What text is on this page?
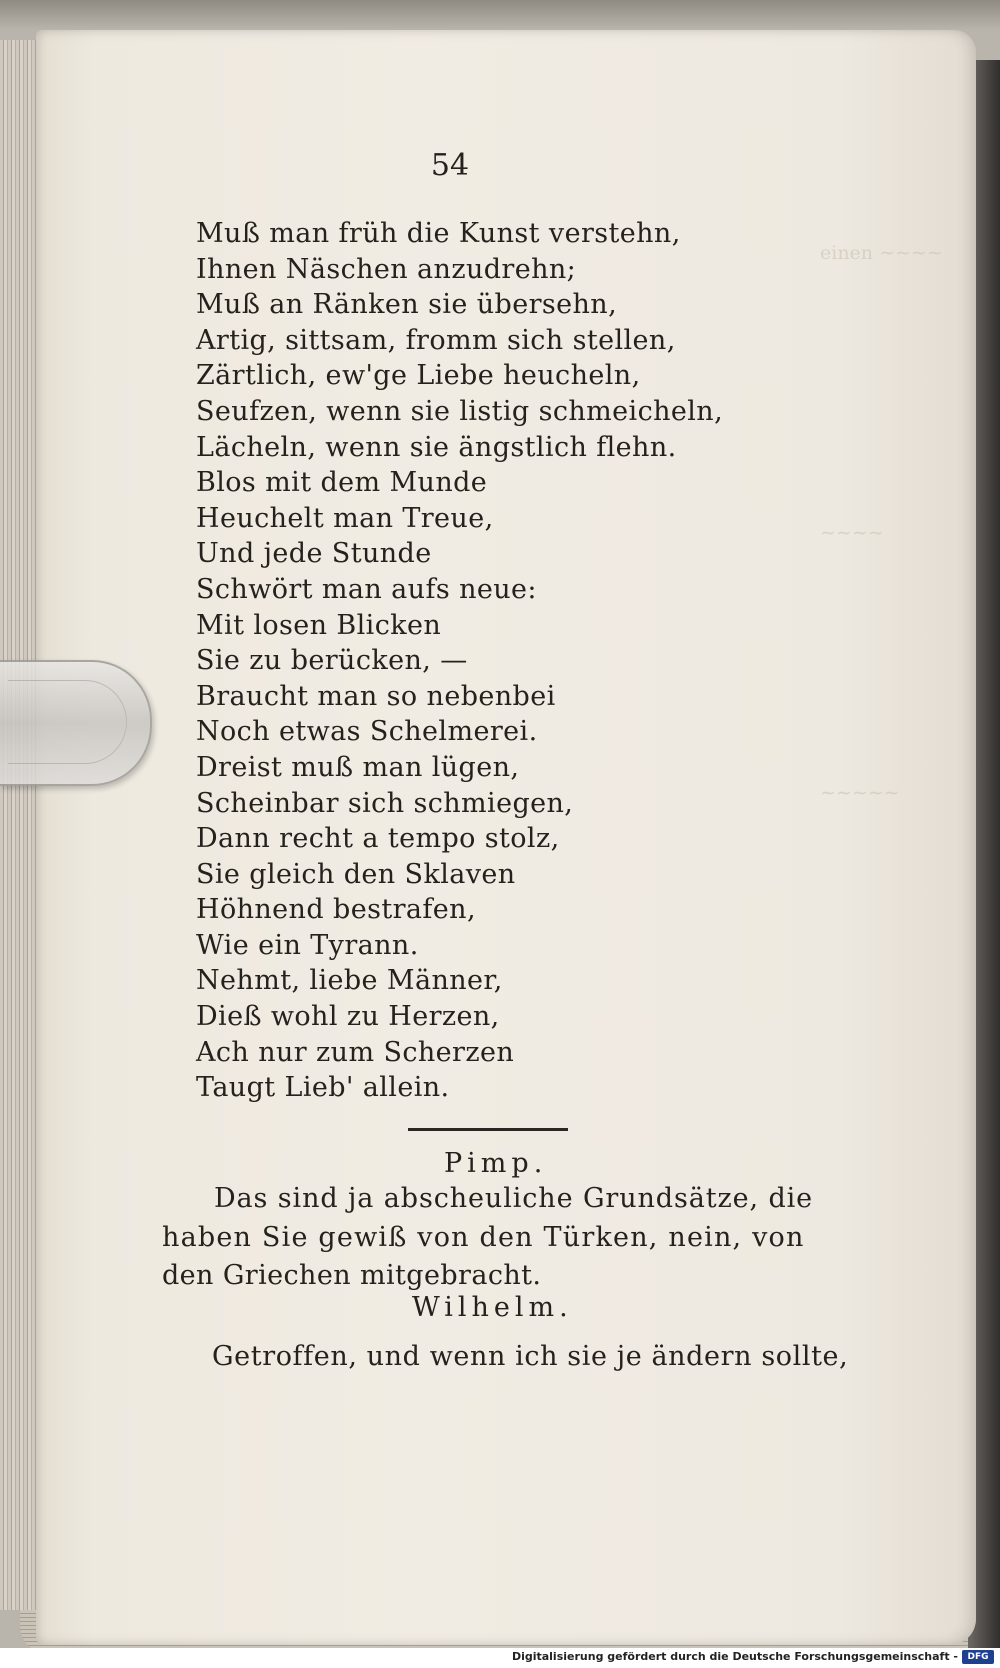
einen ∼∼∼∼
∼∼∼∼
∼∼∼∼∼
54
Muß man früh die Kunst verstehn,
Ihnen Näschen anzudrehn;
Muß an Ränken sie übersehn,
Artig, sittsam, fromm sich stellen,
Zärtlich, ew'ge Liebe heucheln,
Seufzen, wenn sie listig schmeicheln,
Lächeln, wenn sie ängstlich flehn.
Blos mit dem Munde
Heuchelt man Treue,
Und jede Stunde
Schwört man aufs neue:
Mit losen Blicken
Sie zu berücken, —
Braucht man so nebenbei
Noch etwas Schelmerei.
Dreist muß man lügen,
Scheinbar sich schmiegen,
Dann recht a tempo stolz,
Sie gleich den Sklaven
Höhnend bestrafen,
Wie ein Tyrann.
Nehmt, liebe Männer,
Dieß wohl zu Herzen,
Ach nur zum Scherzen
Taugt Lieb' allein.
Pimp.
Das sind ja abscheuliche Grundsätze, die
haben Sie gewiß von den Türken, nein, von
den Griechen mitgebracht.
Wilhelm.
Getroffen, und wenn ich sie je ändern sollte,
Digitalisierung gefördert durch die Deutsche Forschungsgemeinschaft -	DFG
